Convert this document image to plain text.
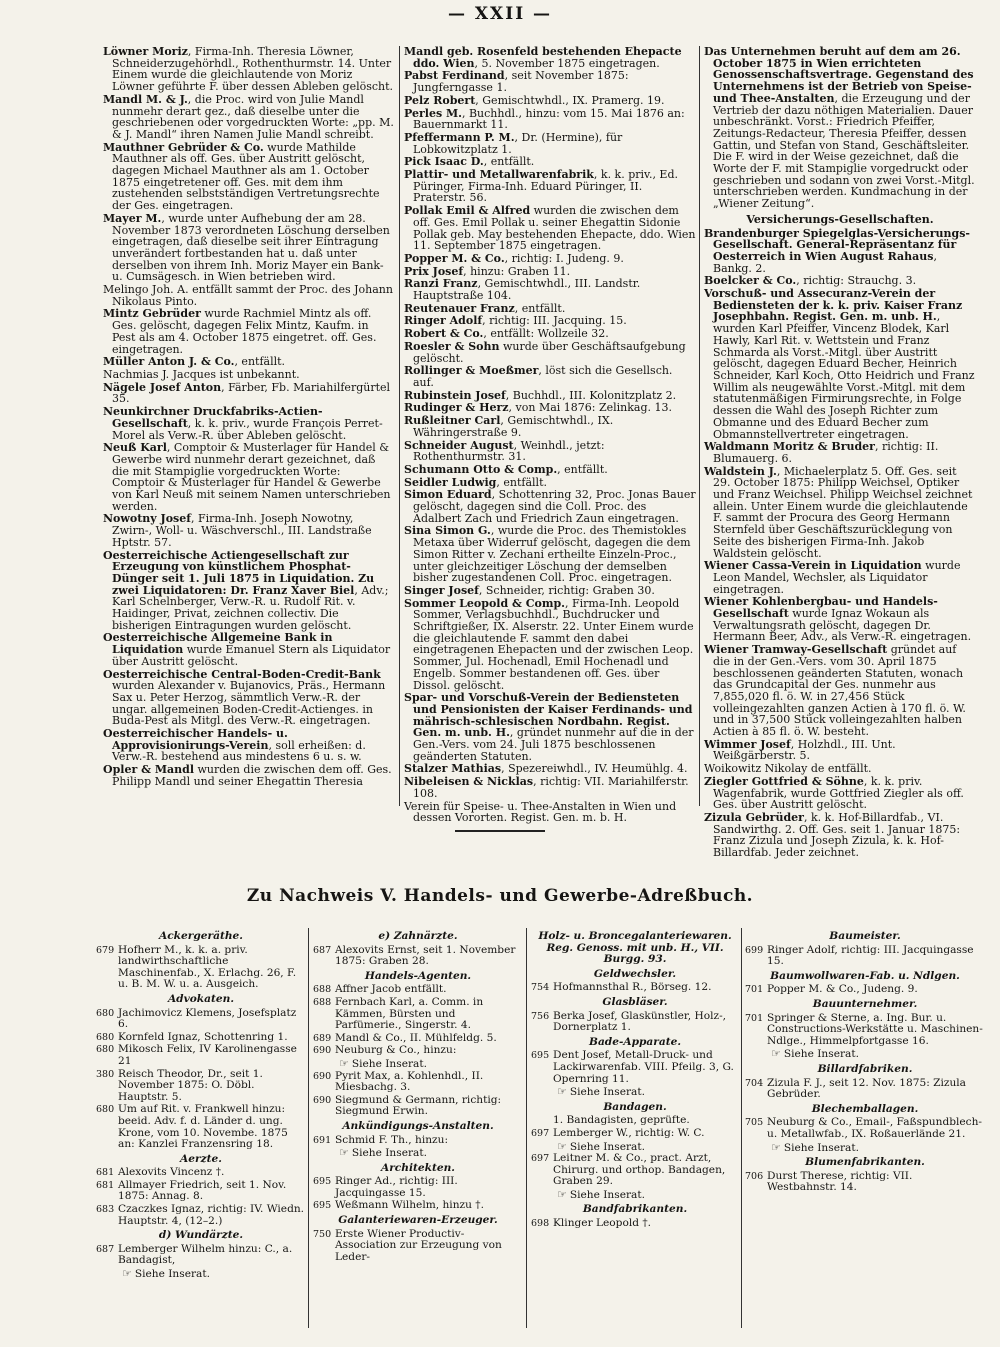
— XXII —

Löwner Moriz, Firma-Inh. Theresia Löwner, Schneiderzugehörhdl., Rothenthurmstr. 14. Unter Einem wurde die gleichlautende von Moriz Löwner geführte F. über dessen Ableben gelöscht.

Mandl M. & J., die Proc. wird von Julie Mandl nunmehr derart gez., daß dieselbe unter die geschriebenen oder vorgedruckten Worte: „pp. M. & J. Mandl“ ihren Namen Julie Mandl schreibt.

Mauthner Gebrüder & Co. wurde Mathilde Mauthner als off. Ges. über Austritt gelöscht, dagegen Michael Mauthner als am 1. October 1875 eingetretener off. Ges. mit dem ihm zustehenden selbstständigen Vertretungsrechte der Ges. eingetragen.

Mayer M., wurde unter Aufhebung der am 28. November 1873 verordneten Löschung derselben eingetragen, daß dieselbe seit ihrer Eintragung unverändert fortbestanden hat u. daß unter derselben von ihrem Inh. Moriz Mayer ein Bank- u. Cumsägesch. in Wien betrieben wird.

Melingo Joh. A. entfällt sammt der Proc. des Johann Nikolaus Pinto.

Mintz Gebrüder wurde Rachmiel Mintz als off. Ges. gelöscht, dagegen Felix Mintz, Kaufm. in Pest als am 4. October 1875 eingetret. off. Ges. eingetragen.

Müller Anton J. & Co., entfällt.

Nachmias J. Jacques ist unbekannt.

Nägele Josef Anton, Färber, Fb. Mariahilfergürtel 35.

Neunkirchner Druckfabriks-Actien-Gesellschaft, k. k. priv., wurde François Perret-Morel als Verw.-R. über Ableben gelöscht.

Neuß Karl, Comptoir & Musterlager für Handel & Gewerbe wird nunmehr derart gezeichnet, daß die mit Stampiglie vorgedruckten Worte: Comptoir & Musterlager für Handel & Gewerbe von Karl Neuß mit seinem Namen unterschrieben werden.

Nowotny Josef, Firma-Inh. Joseph Nowotny, Zwirn-, Woll- u. Wäschverschl., III. Landstraße Hptstr. 57.

Oesterreichische Actiengesellschaft zur Erzeugung von künstlichem Phosphat-Dünger seit 1. Juli 1875 in Liquidation. Zu zwei Liquidatoren: Dr. Franz Xaver Biel, Adv.; Karl Schelnberger, Verw.-R. u. Rudolf Rit. v. Haidinger, Privat, zeichnen collectiv. Die bisherigen Eintragungen wurden gelöscht.

Oesterreichische Allgemeine Bank in Liquidation wurde Emanuel Stern als Liquidator über Austritt gelöscht.

Oesterreichische Central-Boden-Credit-Bank wurden Alexander v. Bujanovics, Präs., Hermann Sax u. Peter Herzog, sämmtlich Verw.-R. der ungar. allgemeinen Boden-Credit-Actienges. in Buda-Pest als Mitgl. des Verw.-R. eingetragen.

Oesterreichischer Handels- u. Approvisionirungs-Verein, soll erheißen: d. Verw.-R. bestehend aus mindestens 6 u. s. w.

Opler & Mandl wurden die zwischen dem off. Ges. Philipp Mandl und seiner Ehegattin Theresia

Mandl geb. Rosenfeld bestehenden Ehepacte ddo. Wien, 5. November 1875 eingetragen.

Pabst Ferdinand, seit November 1875: Jungferngasse 1.

Pelz Robert, Gemischtwhdl., IX. Pramerg. 19.

Perles M., Buchhdl., hinzu: vom 15. Mai 1876 an: Bauernmarkt 11.

Pfeffermann P. M., Dr. (Hermine), für Lobkowitzplatz 1.

Pick Isaac D., entfällt.

Plattir- und Metallwarenfabrik, k. k. priv., Ed. Püringer, Firma-Inh. Eduard Püringer, II. Praterstr. 56.

Pollak Emil & Alfred wurden die zwischen dem off. Ges. Emil Pollak u. seiner Ehegattin Sidonie Pollak geb. May bestehenden Ehepacte, ddo. Wien 11. September 1875 eingetragen.

Popper M. & Co., richtig: I. Judeng. 9.

Prix Josef, hinzu: Graben 11.

Ranzi Franz, Gemischtwhdl., III. Landstr. Hauptstraße 104.

Reutenauer Franz, entfällt.

Ringer Adolf, richtig: III. Jacquing. 15.

Robert & Co., entfällt: Wollzeile 32.

Roesler & Sohn wurde über Geschäftsaufgebung gelöscht.

Rollinger & Moeßmer, löst sich die Gesellsch. auf.

Rubinstein Josef, Buchhdl., III. Kolonitzplatz 2.

Rudinger & Herz, von Mai 1876: Zelinkag. 13.

Rußleitner Carl, Gemischtwhdl., IX. Währingerstraße 9.

Schneider August, Weinhdl., jetzt: Rothenthurmstr. 31.

Schumann Otto & Comp., entfällt.

Seidler Ludwig, entfällt.

Simon Eduard, Schottenring 32, Proc. Jonas Bauer gelöscht, dagegen sind die Coll. Proc. des Adalbert Zach und Friedrich Zaun eingetragen.

Sina Simon G., wurde die Proc. des Themistokles Metaxa über Widerruf gelöscht, dagegen die dem Simon Ritter v. Zechani ertheilte Einzeln-Proc., unter gleichzeitiger Löschung der demselben bisher zugestandenen Coll. Proc. eingetragen.

Singer Josef, Schneider, richtig: Graben 30.

Sommer Leopold & Comp., Firma-Inh. Leopold Sommer, Verlagsbuchhdl., Buchdrucker und Schriftgießer, IX. Alserstr. 22. Unter Einem wurde die gleichlautende F. sammt den dabei eingetragenen Ehepacten und der zwischen Leop. Sommer, Jul. Hochenadl, Emil Hochenadl und Engelb. Sommer bestandenen off. Ges. über Dissol. gelöscht.

Spar- und Vorschuß-Verein der Bediensteten und Pensionisten der Kaiser Ferdinands- und mährisch-schlesischen Nordbahn. Regist. Gen. m. unb. H., gründet nunmehr auf die in der Gen.-Vers. vom 24. Juli 1875 beschlossenen geänderten Statuten.

Stalzer Mathias, Spezereiwhdl., IV. Heumühlg. 4.

Nibeleisen & Nicklas, richtig: VII. Mariahilferstr. 108.

Verein für Speise- u. Thee-Anstalten in Wien und dessen Vororten. Regist. Gen. m. b. H.

Das Unternehmen beruht auf dem am 26. October 1875 in Wien errichteten Genossenschaftsvertrage. Gegenstand des Unternehmens ist der Betrieb von Speise- und Thee-Anstalten, die Erzeugung und der Vertrieb der dazu nöthigen Materialien. Dauer unbeschränkt. Vorst.: Friedrich Pfeiffer, Zeitungs-Redacteur, Theresia Pfeiffer, dessen Gattin, und Stefan von Stand, Geschäftsleiter. Die F. wird in der Weise gezeichnet, daß die Worte der F. mit Stampiglie vorgedruckt oder geschrieben und sodann von zwei Vorst.-Mitgl. unterschrieben werden. Kundmachung in der „Wiener Zeitung“.

Versicherungs-Gesellschaften.

Brandenburger Spiegelglas-Versicherungs-Gesellschaft. General-Repräsentanz für Oesterreich in Wien August Rahaus, Bankg. 2.

Boelcker & Co., richtig: Strauchg. 3.

Vorschuß- und Assecuranz-Verein der Bediensteten der k. k. priv. Kaiser Franz Josephbahn. Regist. Gen. m. unb. H., wurden Karl Pfeiffer, Vincenz Blodek, Karl Hawly, Karl Rit. v. Wettstein und Franz Schmarda als Vorst.-Mitgl. über Austritt gelöscht, dagegen Eduard Becher, Heinrich Schneider, Karl Koch, Otto Heidrich und Franz Willim als neugewählte Vorst.-Mitgl. mit dem statutenmäßigen Firmirungsrechte, in Folge dessen die Wahl des Joseph Richter zum Obmanne und des Eduard Becher zum Obmannstellvertreter eingetragen.

Waldmann Moritz & Bruder, richtig: II. Blumauerg. 6.

Waldstein J., Michaelerplatz 5. Off. Ges. seit 29. October 1875: Philipp Weichsel, Optiker und Franz Weichsel. Philipp Weichsel zeichnet allein. Unter Einem wurde die gleichlautende F. sammt der Procura des Georg Hermann Sternfeld über Geschäftszurücklegung von Seite des bisherigen Firma-Inh. Jakob Waldstein gelöscht.

Wiener Cassa-Verein in Liquidation wurde Leon Mandel, Wechsler, als Liquidator eingetragen.

Wiener Kohlenbergbau- und Handels-Gesellschaft wurde Ignaz Wokaun als Verwaltungsrath gelöscht, dagegen Dr. Hermann Beer, Adv., als Verw.-R. eingetragen.

Wiener Tramway-Gesellschaft gründet auf die in der Gen.-Vers. vom 30. April 1875 beschlossenen geänderten Statuten, wonach das Grundcapital der Ges. nunmehr aus 7,855,020 fl. ö. W. in 27,456 Stück volleingezahlten ganzen Actien à 170 fl. ö. W. und in 37,500 Stück volleingezahlten halben Actien à 85 fl. ö. W. besteht.

Wimmer Josef, Holzhdl., III. Unt. Weißgärberstr. 5.

Woikowitz Nikolay de entfällt.

Ziegler Gottfried & Söhne, k. k. priv. Wagenfabrik, wurde Gottfried Ziegler als off. Ges. über Austritt gelöscht.

Zizula Gebrüder, k. k. Hof-Billardfab., VI. Sandwirthg. 2. Off. Ges. seit 1. Januar 1875: Franz Zizula und Joseph Zizula, k. k. Hof-Billardfab. Jeder zeichnet.

Zu Nachweis V. Handels- und Gewerbe-Adreßbuch.
Ackergeräthe.
679 Hofherr M., k. k. a. priv. landwirthschaftliche Maschinenfab., X. Erlachg. 26, F. u. B. M. W. u. a. Ausgeich.
Advokaten.
680 Jachimovicz Klemens, Josefsplatz 6.
680 Kornfeld Ignaz, Schottenring 1.
680 Mikosch Felix, IV Karolinengasse 21
380 Reisch Theodor, Dr., seit 1. November 1875: O. Döbl. Hauptstr. 5.
680 Um auf Rit. v. Frankwell hinzu: beeid. Adv. f. d. Länder d. ung. Krone, vom 10. Novembe. 1875 an: Kanzlei Franzensring 18.
Aerzte.
681 Alexovits Vincenz †.
681 Allmayer Friedrich, seit 1. Nov. 1875: Annag. 8.
683 Czaczkes Ignaz, richtig: IV. Wiedn. Hauptstr. 4, (12–2.)
d) Wundärzte.
687 Lemberger Wilhelm hinzu: C., a. Bandagist,
☞ Siehe Inserat.
e) Zahnärzte.
687 Alexovits Ernst, seit 1. November 1875: Graben 28.
Handels-Agenten.
688 Affner Jacob entfällt.
688 Fernbach Karl, a. Comm. in Kämmen, Bürsten und Parfümerie., Singerstr. 4.
689 Mandl & Co., II. Mühlfeldg. 5.
690 Neuburg & Co., hinzu:
☞ Siehe Inserat.
690 Pyrit Max, a. Kohlenhdl., II. Miesbachg. 3.
690 Siegmund & Germann, richtig: Siegmund Erwin.
Ankündigungs-Anstalten.
691 Schmid F. Th., hinzu:
☞ Siehe Inserat.
Architekten.
695 Ringer Ad., richtig: III. Jacquingasse 15.
695 Weßmann Wilhelm, hinzu †.
Galanteriewaren-Erzeuger.
750 Erste Wiener Productiv-Association zur Erzeugung von Leder-
Holz- u. Broncegalanteriewaren. Reg. Genoss. mit unb. H., VII. Burgg. 93.
Geldwechsler.
754 Hofmannsthal R., Börseg. 12.
Glasbläser.
756 Berka Josef, Glaskünstler, Holz-, Dornerplatz 1.
Bade-Apparate.
695 Dent Josef, Metall-Druck- und Lackirwarenfab. VIII. Pfeilg. 3, G. Opernring 11.
☞ Siehe Inserat.
Bandagen.
1. Bandagisten, geprüfte.
697 Lemberger W., richtig: W. C.
☞ Siehe Inserat.
697 Leitner M. & Co., pract. Arzt, Chirurg. und orthop. Bandagen, Graben 29.
☞ Siehe Inserat.
Bandfabrikanten.
698 Klinger Leopold †.
Baumeister.
699 Ringer Adolf, richtig: III. Jacquingasse 15.
Baumwollwaren-Fab. u. Ndlgen.
701 Popper M. & Co., Judeng. 9.
Bauunternehmer.
701 Springer & Sterne, a. Ing. Bur. u. Constructions-Werkstätte u. Maschinen-Ndlge., Himmelpfortgasse 16.
☞ Siehe Inserat.
Billardfabriken.
704 Zizula F. J., seit 12. Nov. 1875: Zizula Gebrüder.
Blechemballagen.
705 Neuburg & Co., Email-, Faßspundblech- u. Metallwfab., IX. Roßauerlände 21.
☞ Siehe Inserat.
Blumenfabrikanten.
706 Durst Therese, richtig: VII. Westbahnstr. 14.
